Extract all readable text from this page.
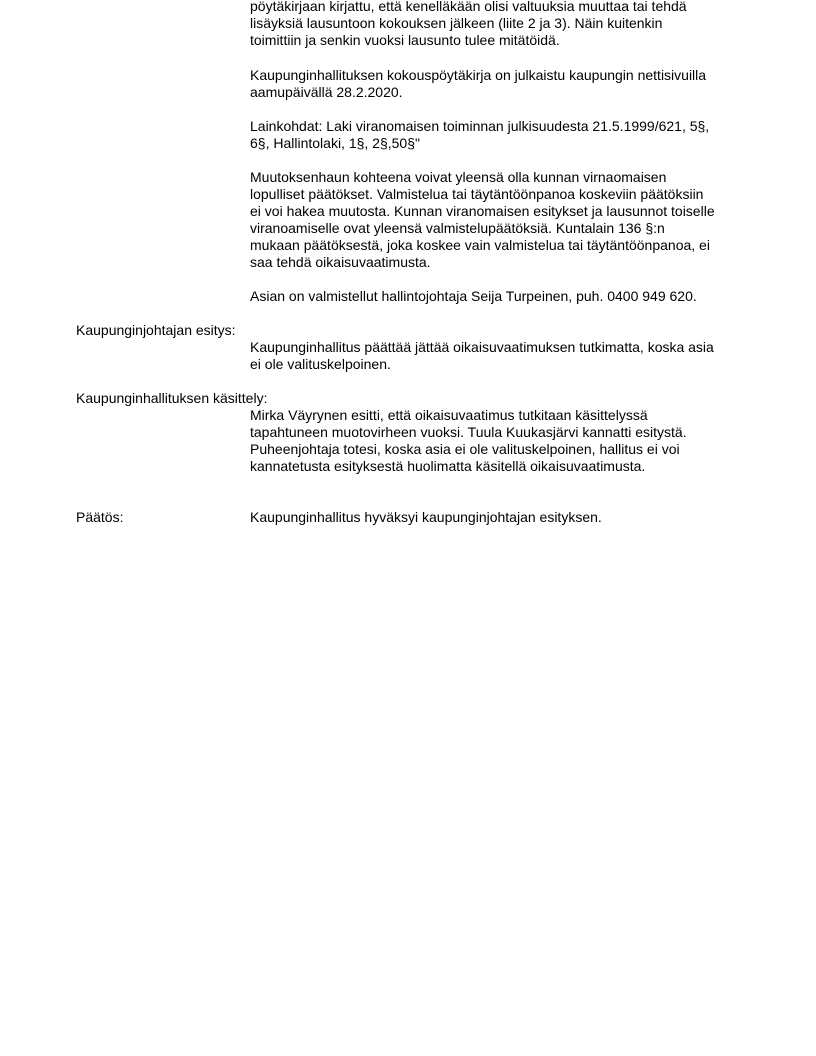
pöytäkirjaan kirjattu, että kenelläkään olisi valtuuksia muuttaa tai tehdä
lisäyksiä lausuntoon kokouksen jälkeen (liite 2 ja 3). Näin kuitenkin
toimittiin ja senkin vuoksi lausunto tulee mitätöidä.

Kaupunginhallituksen kokouspöytäkirja on julkaistu kaupungin nettisivuilla
aamupäivällä 28.2.2020.

Lainkohdat: Laki viranomaisen toiminnan julkisuudesta 21.5.1999/621, 5§,
6§, Hallintolaki, 1§, 2§,50§"

Muutoksenhaun kohteena voivat yleensä olla kunnan virnaomaisen
lopulliset päätökset. Valmistelua tai täytäntöönpanoa koskeviin päätöksiin
ei voi hakea muutosta. Kunnan viranomaisen esitykset ja lausunnot toiselle
viranoamiselle ovat yleensä valmistelupäätöksiä. Kuntalain 136 §:n
mukaan päätöksestä, joka koskee vain valmistelua tai täytäntöönpanoa, ei
saa tehdä oikaisuvaatimusta.

Asian on valmistellut hallintojohtaja Seija Turpeinen, puh. 0400 949 620.

Kaupunginjohtajan esitys:

Kaupunginhallitus päättää jättää oikaisuvaatimuksen tutkimatta, koska asia
ei ole valituskelpoinen.

Kaupunginhallituksen käsittely:

Mirka Väyrynen esitti, että oikaisuvaatimus tutkitaan käsittelyssä
tapahtuneen muotovirheen vuoksi. Tuula Kuukasjärvi kannatti esitystä.
Puheenjohtaja totesi, koska asia ei ole valituskelpoinen, hallitus ei voi
kannatetusta esityksestä huolimatta käsitellä oikaisuvaatimusta.

Päätös:	Kaupunginhallitus hyväksyi kaupunginjohtajan esityksen.
